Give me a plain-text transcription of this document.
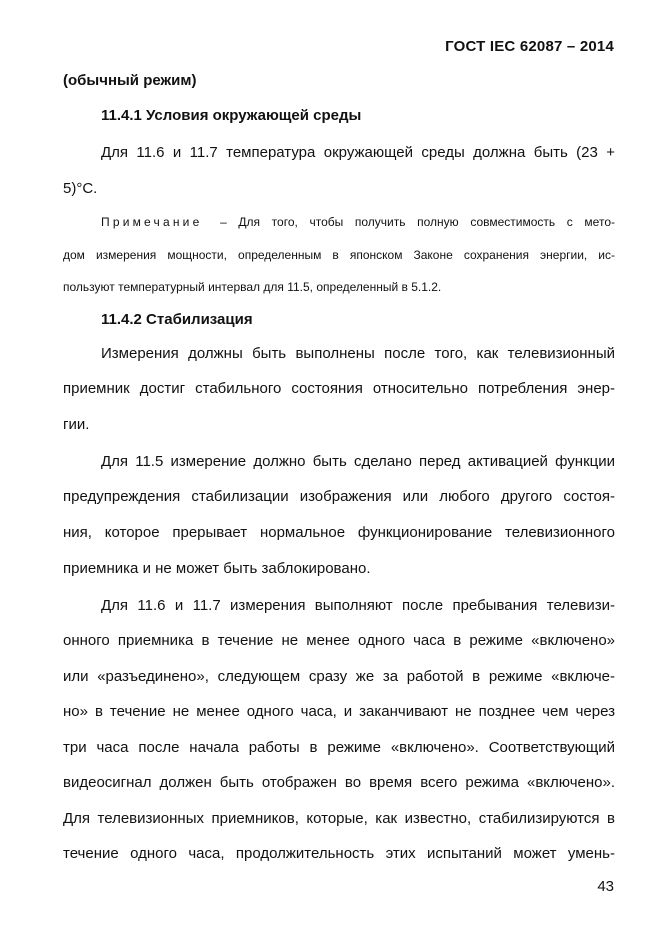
ГОСТ IEC 62087 – 2014
(обычный режим)
11.4.1 Условия окружающей среды
Для 11.6 и 11.7 температура окружающей среды должна быть (23 +
5)°С.
Примечание – Для того, чтобы получить полную совместимость с мето-
дом измерения мощности, определенным в японском Законе сохранения энергии, ис-
пользуют температурный интервал для 11.5, определенный в 5.1.2.
11.4.2 Стабилизация
Измерения должны быть выполнены после того, как телевизионный
приемник достиг стабильного состояния относительно потребления энер-
гии.
Для 11.5 измерение должно быть сделано перед активацией функции
предупреждения стабилизации изображения или любого другого состоя-
ния, которое прерывает нормальное функционирование телевизионного
приемника и не может быть заблокировано.
Для 11.6 и 11.7 измерения выполняют после пребывания телевизи-
онного приемника в течение не менее одного часа в режиме «включено»
или «разъединено», следующем сразу же за работой в режиме «включе-
но» в течение не менее одного часа, и заканчивают не позднее чем через
три часа после начала работы в режиме «включено». Соответствующий
видеосигнал должен быть отображен во время всего режима «включено».
Для телевизионных приемников, которые, как известно, стабилизируются в
течение одного часа, продолжительность этих испытаний может умень-
43
